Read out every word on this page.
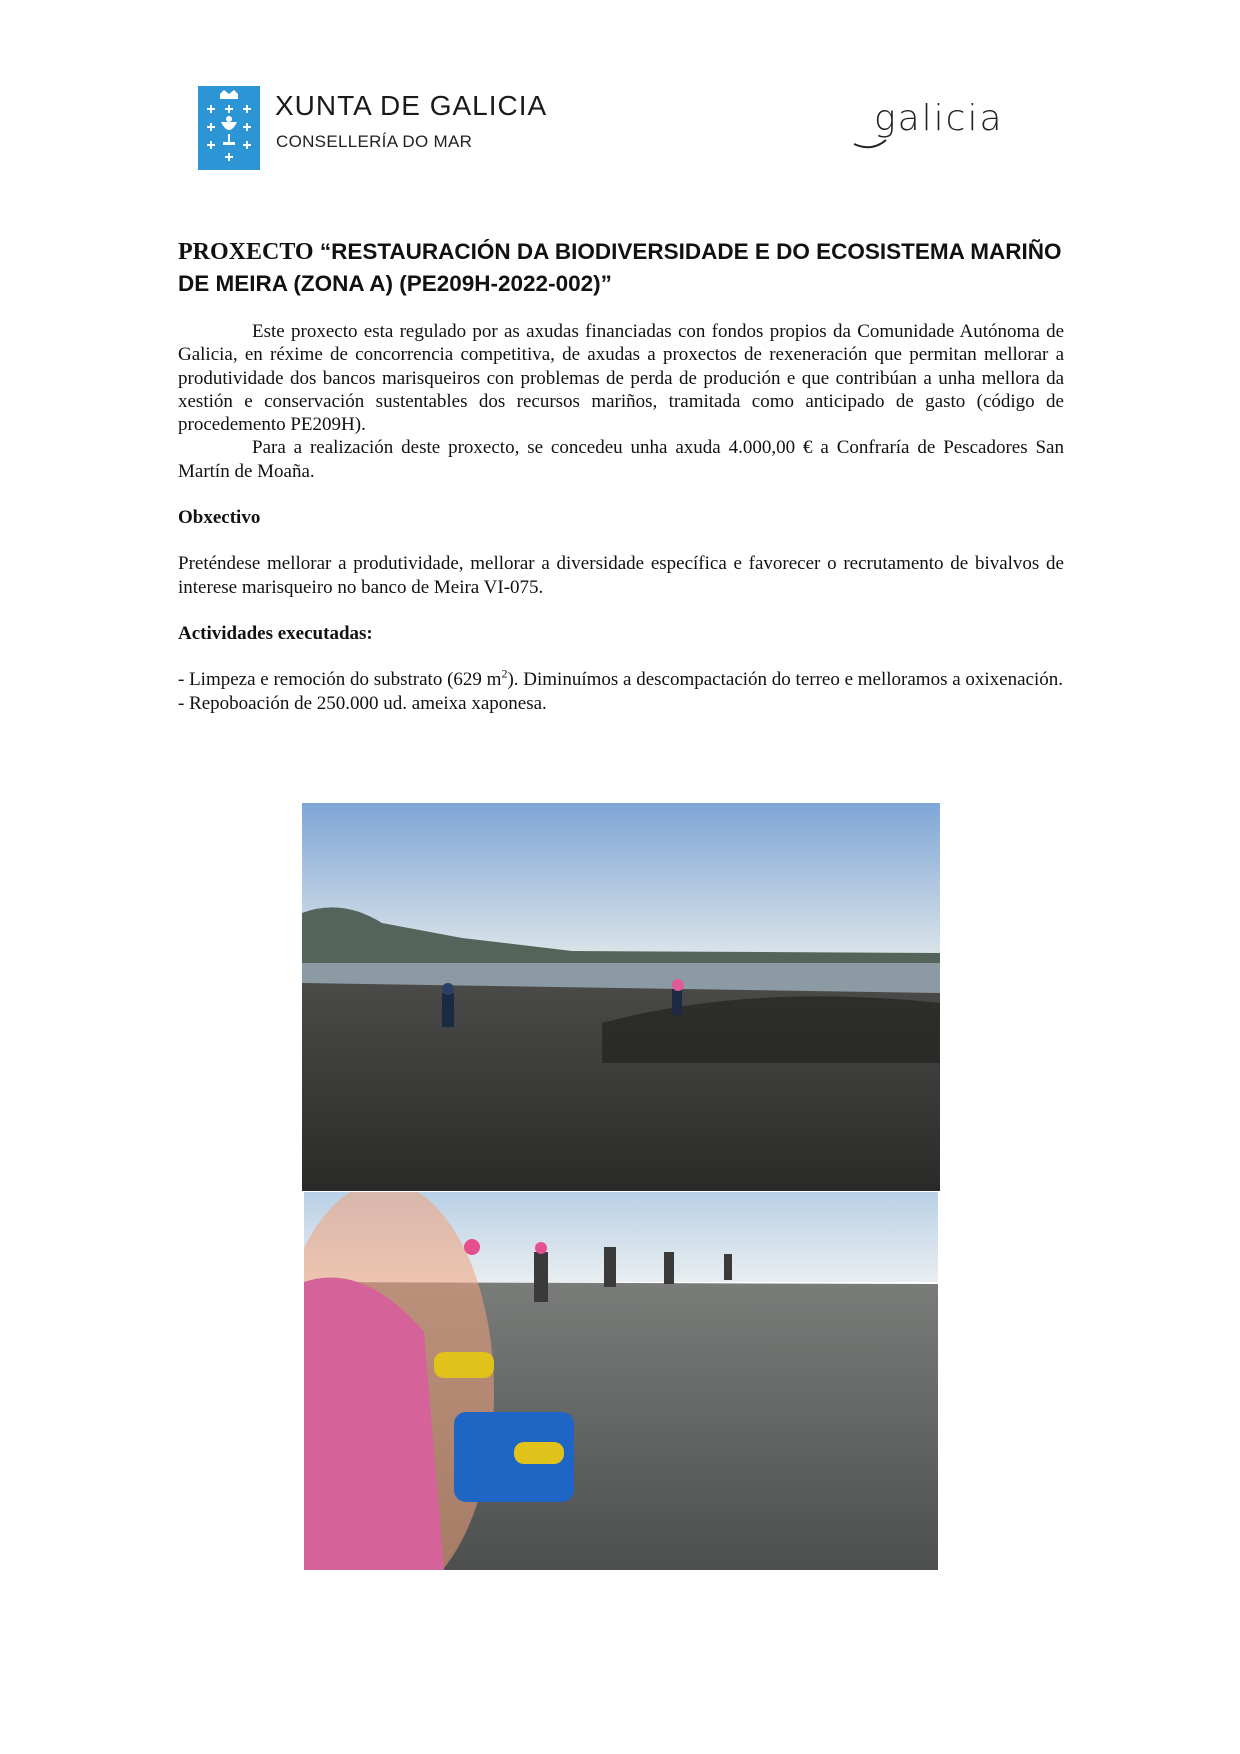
XUNTA DE GALICIA
CONSELLERÍA DO MAR
galicia
PROXECTO “RESTAURACIÓN DA BIODIVERSIDADE E DO ECOSISTEMA MARIÑO DE MEIRA (ZONA A) (PE209H-2022-002)”

Este proxecto esta regulado por as axudas financiadas con fondos propios da Comunidade Autónoma de Galicia, en réxime de concorrencia competitiva, de axudas a proxectos de rexeneración que permitan mellorar a produtividade dos bancos marisqueiros con problemas de perda de produción e que contribúan a unha mellora da xestión e conservación sustentables dos recursos mariños, tramitada como anticipado de gasto (código de procedemento PE209H).

Para a realización deste proxecto, se concedeu unha axuda 4.000,00 € a Confraría de Pescadores San Martín de Moaña.

Obxectivo

Preténdese mellorar a produtividade, mellorar a diversidade específica e favorecer o recrutamento de bivalvos de interese marisqueiro no banco de Meira VI-075.

Actividades executadas:

- Limpeza e remoción do substrato (629 $m^2$). Diminuímos a descompactación do terreo e melloramos a oxixenación.

- Repoboación de 250.000 ud. ameixa xaponesa.
